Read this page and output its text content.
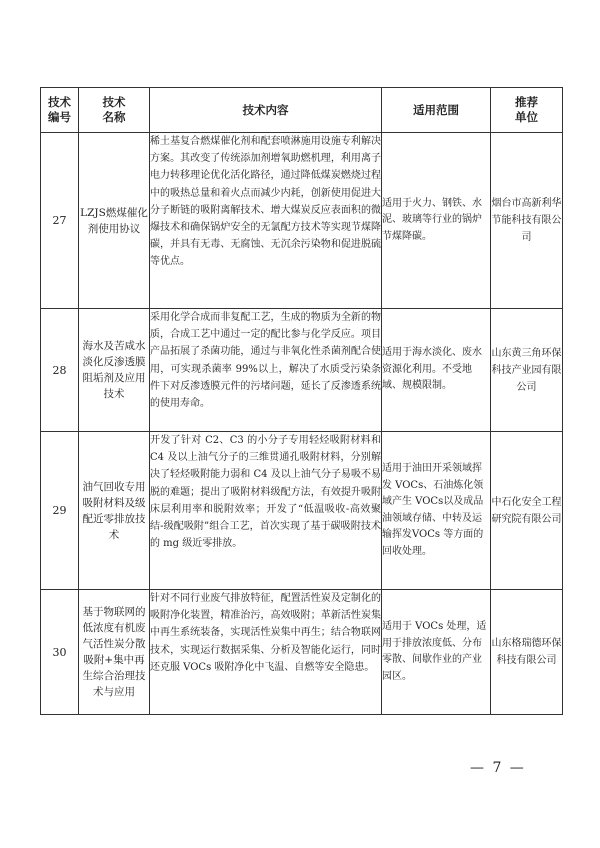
技术编号	技术名称	技术内容	适用范围	推荐单位

27	LZJS燃煤催化剂使用协议	稀土基复合燃煤催化剂和配套喷淋施用设施专利解决方案。其改变了传统添加剂增氧助燃机理，利用离子电力转移理论优化活化路径，通过降低煤炭燃烧过程中的吸热总量和着火点而减少内耗，创新使用促进大分子断链的吸附离解技术、增大煤炭反应表面积的微爆技术和确保锅炉安全的无氯配方技术等实现节煤降碳，并具有无毒、无腐蚀、无沉余污染物和促进脱硫等优点。	适用于火力、钢铁、水泥、玻璃等行业的锅炉节煤降碳。	烟台市高新利华节能科技有限公司
28	海水及苦咸水淡化反渗透膜阻垢剂及应用技术	采用化学合成而非复配工艺，生成的物质为全新的物质，合成工艺中通过一定的配比参与化学反应。项目产品拓展了杀菌功能，通过与非氧化性杀菌剂配合使用，可实现杀菌率 99%以上，解决了水质受污染条件下对反渗透膜元件的污堵问题，延长了反渗透系统的使用寿命。	适用于海水淡化、废水资源化利用。不受地域、规模限制。	山东黄三角环保科技产业园有限公司
29	油气回收专用吸附材料及级配近零排放技术	开发了针对 C2、C3 的小分子专用轻烃吸附材料和 C4 及以上油气分子的三维贯通孔吸附材料，分别解决了轻烃吸附能力弱和 C4 及以上油气分子易吸不易脱的难题；提出了吸附材料级配方法，有效提升吸附床层利用率和脱附效率；开发了“低温吸收-高效聚结-级配吸附”组合工艺，首次实现了基于碳吸附技术的 mg 级近零排放。	适用于油田开采领域挥发 VOCs、石油炼化领域产生 VOCs以及成品油领域存储、中转及运输挥发VOCs 等方面的回收处理。	中石化安全工程研究院有限公司
30	基于物联网的低浓度有机废气活性炭分散吸附+集中再生综合治理技术与应用	针对不同行业废气排放特征，配置活性炭及定制化的吸附净化装置，精准治污，高效吸附；革新活性炭集中再生系统装备，实现活性炭集中再生；结合物联网技术，实现运行数据采集、分析及智能化运行，同时还克服 VOCs 吸附净化中飞温、自燃等安全隐患。	适用于 VOCs 处理，适用于排放浓度低、分布零散、间歇作业的产业园区。	山东格瑞德环保科技有限公司
— 7 —
